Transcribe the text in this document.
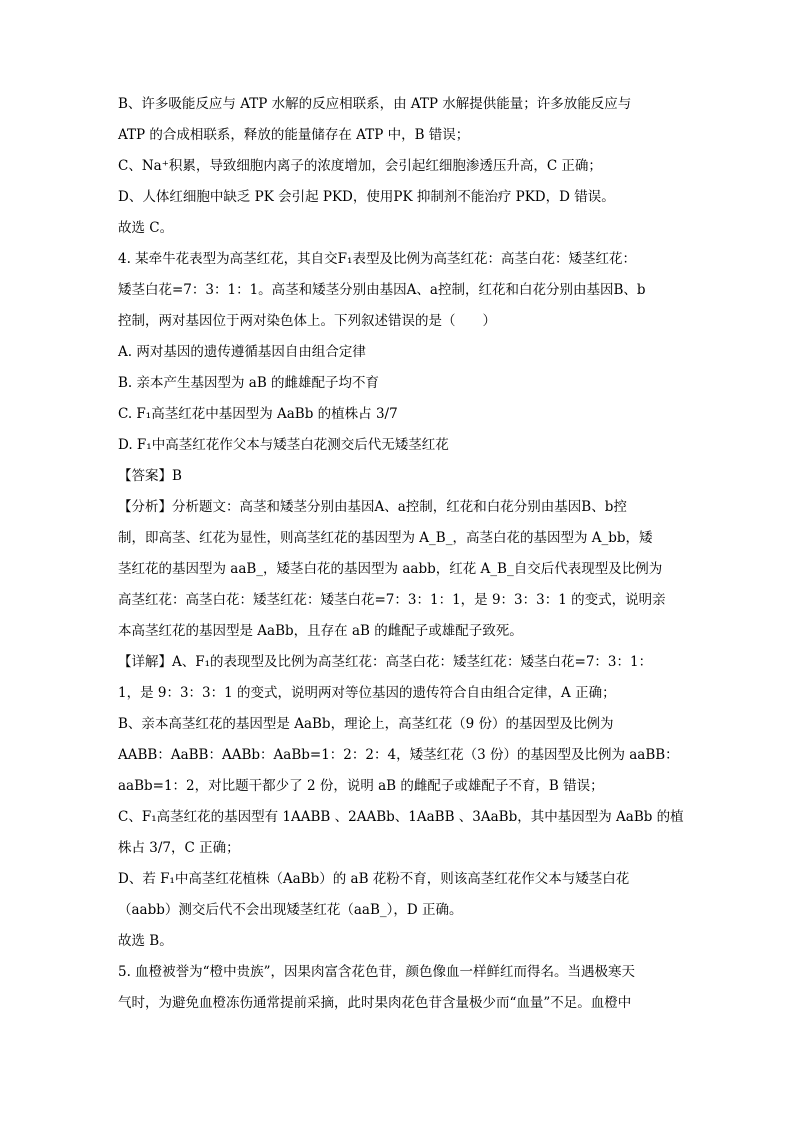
B、许多吸能反应与 ATP 水解的反应相联系，由 ATP 水解提供能量；许多放能反应与
ATP 的合成相联系，释放的能量储存在 ATP 中，B 错误；
C、Na⁺积累，导致细胞内离子的浓度增加，会引起红细胞渗透压升高，C 正确；
D、人体红细胞中缺乏 PK 会引起 PKD，使用PK 抑制剂不能治疗 PKD，D 错误。
故选 C。
4. 某牵牛花表型为高茎红花，其自交F₁表型及比例为高茎红花：高茎白花：矮茎红花：
矮茎白花=7：3：1：1。高茎和矮茎分别由基因A、a控制，红花和白花分别由基因B、b
控制，两对基因位于两对染色体上。下列叙述错误的是（　　）
A. 两对基因的遗传遵循基因自由组合定律
B. 亲本产生基因型为 aB 的雌雄配子均不育
C. F₁高茎红花中基因型为 AaBb 的植株占 3/7
D. F₁中高茎红花作父本与矮茎白花测交后代无矮茎红花
【答案】B
【分析】分析题文：高茎和矮茎分别由基因A、a控制，红花和白花分别由基因B、b控
制，即高茎、红花为显性，则高茎红花的基因型为 A_B_，高茎白花的基因型为 A_bb，矮
茎红花的基因型为 aaB_，矮茎白花的基因型为 aabb，红花 A_B_自交后代表现型及比例为
高茎红花：高茎白花：矮茎红花：矮茎白花=7：3：1：1，是 9：3：3：1 的变式，说明亲
本高茎红花的基因型是 AaBb，且存在 aB 的雌配子或雄配子致死。
【详解】A、F₁的表现型及比例为高茎红花：高茎白花：矮茎红花：矮茎白花=7：3：1：
1，是 9：3：3：1 的变式，说明两对等位基因的遗传符合自由组合定律，A 正确；
B、亲本高茎红花的基因型是 AaBb，理论上，高茎红花（9 份）的基因型及比例为
AABB：AaBB：AABb：AaBb=1：2：2：4，矮茎红花（3 份）的基因型及比例为 aaBB：
aaBb=1：2，对比题干都少了 2 份，说明 aB 的雌配子或雄配子不育，B 错误；
C、F₁高茎红花的基因型有 1AABB 、2AABb、1AaBB 、3AaBb，其中基因型为 AaBb 的植
株占 3/7，C 正确；
D、若 F₁中高茎红花植株（AaBb）的 aB 花粉不育，则该高茎红花作父本与矮茎白花
（aabb）测交后代不会出现矮茎红花（aaB_），D 正确。
故选 B。
5. 血橙被誉为“橙中贵族”，因果肉富含花色苷，颜色像血一样鲜红而得名。当遇极寒天
气时，为避免血橙冻伤通常提前采摘，此时果肉花色苷含量极少而“血量”不足。血橙中
